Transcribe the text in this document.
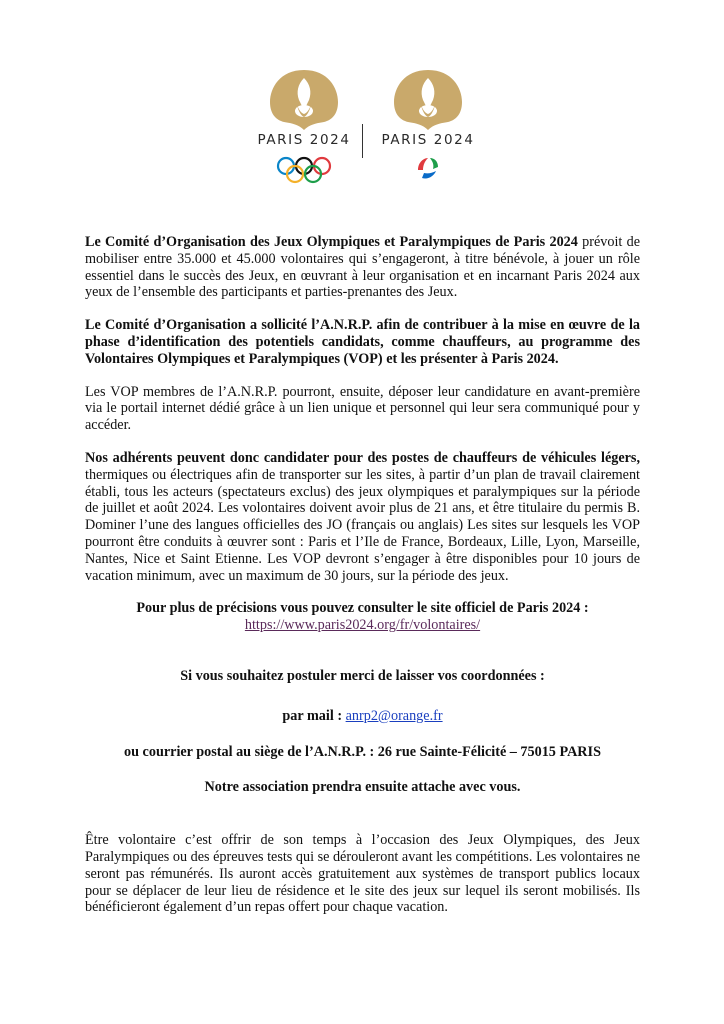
PARIS 2024	PARIS 2024

Le Comité d’Organisation des Jeux Olympiques et Paralympiques de Paris 2024 prévoit de mobiliser entre 35.000 et 45.000 volontaires qui s’engageront, à titre bénévole, à jouer un rôle essentiel dans le succès des Jeux, en œuvrant à leur organisation et en incarnant Paris 2024 aux yeux de l’ensemble des participants et parties-prenantes des Jeux.

Le Comité d’Organisation a sollicité l’A.N.R.P. afin de contribuer à la mise en œuvre de la phase d’identification des potentiels candidats, comme chauffeurs, au programme des Volontaires Olympiques et Paralympiques (VOP) et les présenter à Paris 2024.

Les VOP membres de l’A.N.R.P. pourront, ensuite, déposer leur candidature en avant-première via le portail internet dédié grâce à un lien unique et personnel qui leur sera communiqué pour y accéder.

Nos adhérents peuvent donc candidater pour des postes de chauffeurs de véhicules légers, thermiques ou électriques afin de transporter sur les sites, à partir d’un plan de travail clairement établi, tous les acteurs (spectateurs exclus) des jeux olympiques et paralympiques sur la période de juillet et août 2024. Les volontaires doivent avoir plus de 21 ans, et être titulaire du permis B. Dominer l’une des langues officielles des JO (français ou anglais) Les sites sur lesquels les VOP pourront être conduits à œuvrer sont : Paris et l’Ile de France, Bordeaux, Lille, Lyon, Marseille, Nantes, Nice et Saint Etienne. Les VOP devront s’engager à être disponibles pour 10 jours de vacation minimum, avec un maximum de 30 jours, sur la période des jeux.

Pour plus de précisions vous pouvez consulter le site officiel de Paris 2024 :

https://www.paris2024.org/fr/volontaires/

Si vous souhaitez postuler merci de laisser vos coordonnées :

par mail : anrp2@orange.fr

ou courrier postal au siège de l’A.N.R.P. : 26 rue Sainte-Félicité – 75015 PARIS

Notre association prendra ensuite attache avec vous.

Être volontaire c’est offrir de son temps à l’occasion des Jeux Olympiques, des Jeux Paralympiques ou des épreuves tests qui se dérouleront avant les compétitions. Les volontaires ne seront pas rémunérés. Ils auront accès gratuitement aux systèmes de transport publics locaux pour se déplacer de leur lieu de résidence et le site des jeux sur lequel ils seront mobilisés. Ils bénéficieront également d’un repas offert pour chaque vacation.
